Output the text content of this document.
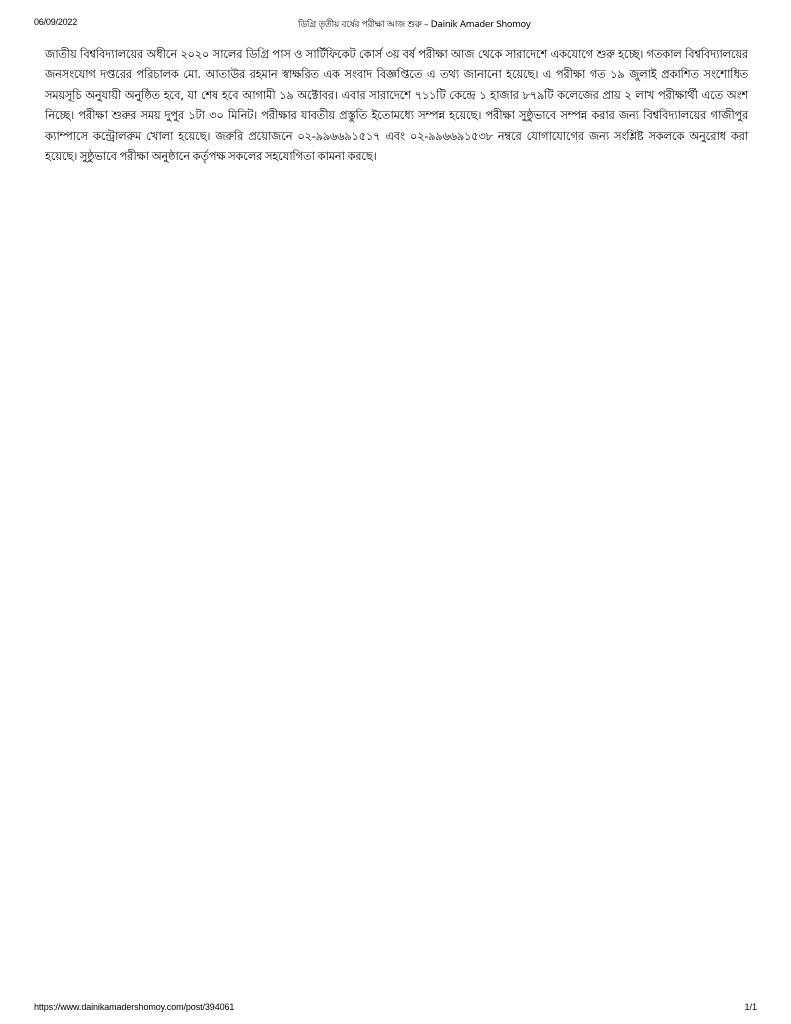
06/09/2022	ডিগ্রি তৃতীয় বর্ষের পরীক্ষা আজ শুরু – Dainik Amader Shomoy

জাতীয় বিশ্ববিদ্যালয়ের অধীনে ২০২০ সালের ডিগ্রি পাস ও সার্টিফিকেট কোর্স ৩য় বর্ষ পরীক্ষা আজ থেকে সারাদেশে একযোগে শুরু হচ্ছে। গতকাল বিশ্ববিদ্যালয়ের জনসংযোগ দপ্তরের পরিচালক মো. আতাউর রহমান স্বাক্ষরিত এক সংবাদ বিজ্ঞপ্তিতে এ তথ্য জানানো হয়েছে। এ পরীক্ষা গত ১৯ জুলাই প্রকাশিত সংশোধিত সময়সূচি অনুযায়ী অনুষ্ঠিত হবে, যা শেষ হবে আগামী ১৯ অক্টোবর। এবার সারাদেশে ৭১১টি কেন্দ্রে ১ হাজার ৮৭৯টি কলেজের প্রায় ২ লাখ পরীক্ষার্থী এতে অংশ নিচ্ছে। পরীক্ষা শুরুর সময় দুপুর ১টা ৩০ মিনিট। পরীক্ষার যাবতীয় প্রস্তুতি ইতোমধ্যে সম্পন্ন হয়েছে। পরীক্ষা সুষ্ঠুভাবে সম্পন্ন করার জন্য বিশ্ববিদ্যালয়ের গাজীপুর ক্যাম্পাসে কন্ট্রোলরুম খোলা হয়েছে। জরুরি প্রয়োজনে ০২-৯৯৬৬৯১৫১৭ এবং ০২-৯৯৬৬৯১৫৩৮ নম্বরে যোগাযোগের জন্য সংশ্লিষ্ট সকলকে অনুরোধ করা হয়েছে। সুষ্ঠুভাবে পরীক্ষা অনুষ্ঠানে কর্তৃপক্ষ সকলের সহযোগিতা কামনা করছে।

https://www.dainikamadershomoy.com/post/394061	1/1
